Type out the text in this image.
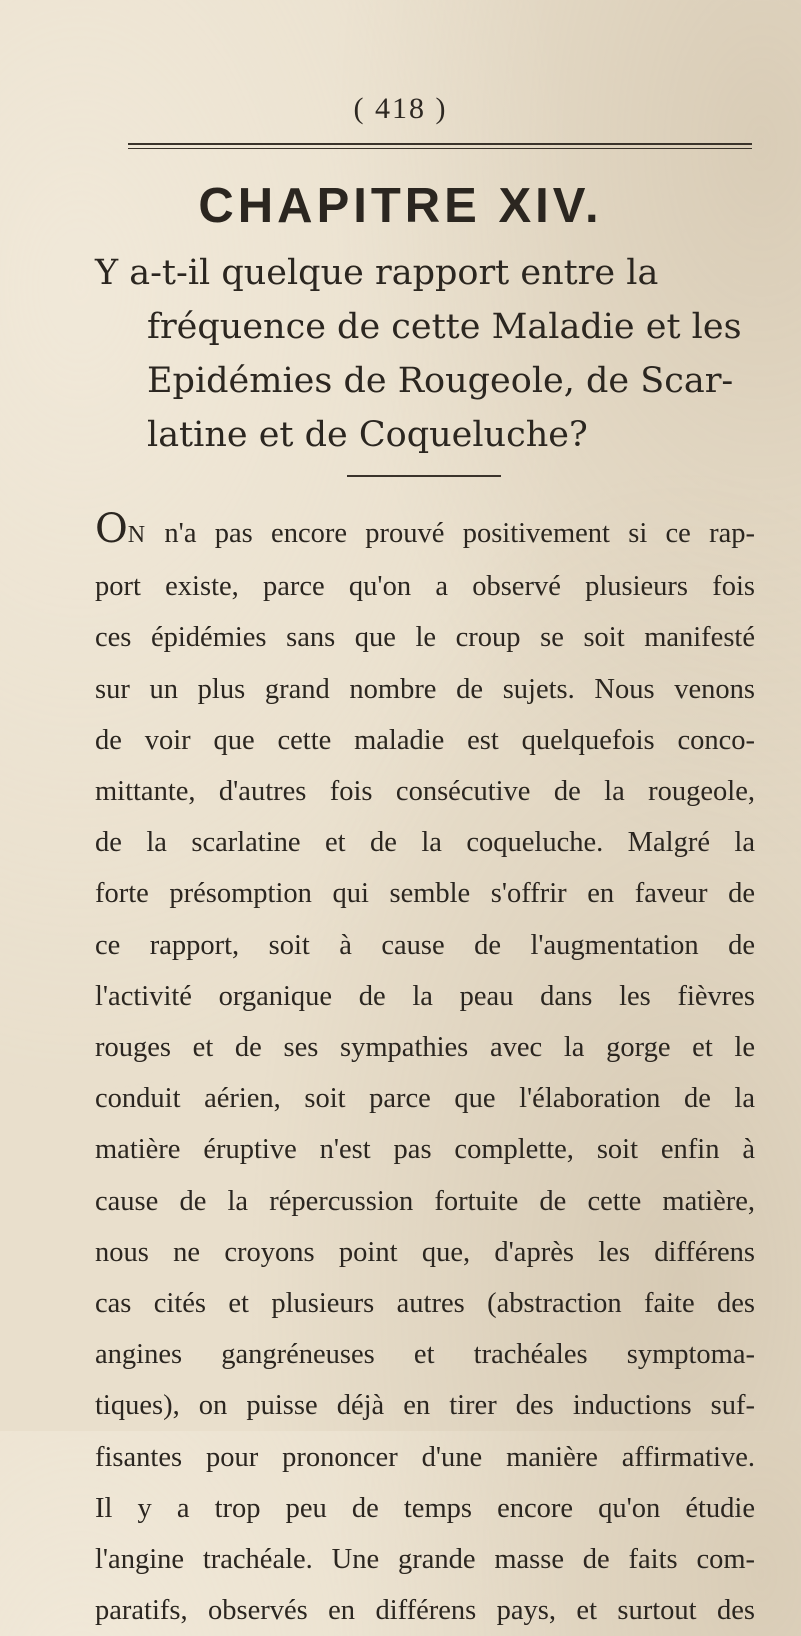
( 418 )
CHAPITRE XIV.
Y a-t-il quelque rapport entre la
fréquence de cette Maladie et les
Epidémies de Rougeole, de Scar-
latine et de Coqueluche?
ON n'a pas encore prouvé positivement si ce rap-
port existe, parce qu'on a observé plusieurs fois
ces épidémies sans que le croup se soit manifesté
sur un plus grand nombre de sujets. Nous venons
de voir que cette maladie est quelquefois conco-
mittante, d'autres fois consécutive de la rougeole,
de la scarlatine et de la coqueluche. Malgré la
forte présomption qui semble s'offrir en faveur de
ce rapport, soit à cause de l'augmentation de
l'activité organique de la peau dans les fièvres
rouges et de ses sympathies avec la gorge et le
conduit aérien, soit parce que l'élaboration de la
matière éruptive n'est pas complette, soit enfin à
cause de la répercussion fortuite de cette matière,
nous ne croyons point que, d'après les différens
cas cités et plusieurs autres (abstraction faite des
angines gangréneuses et trachéales symptoma-
tiques), on puisse déjà en tirer des inductions suf-
fisantes pour prononcer d'une manière affirmative.
Il y a trop peu de temps encore qu'on étudie
l'angine trachéale. Une grande masse de faits com-
paratifs, observés en différens pays, et surtout des
